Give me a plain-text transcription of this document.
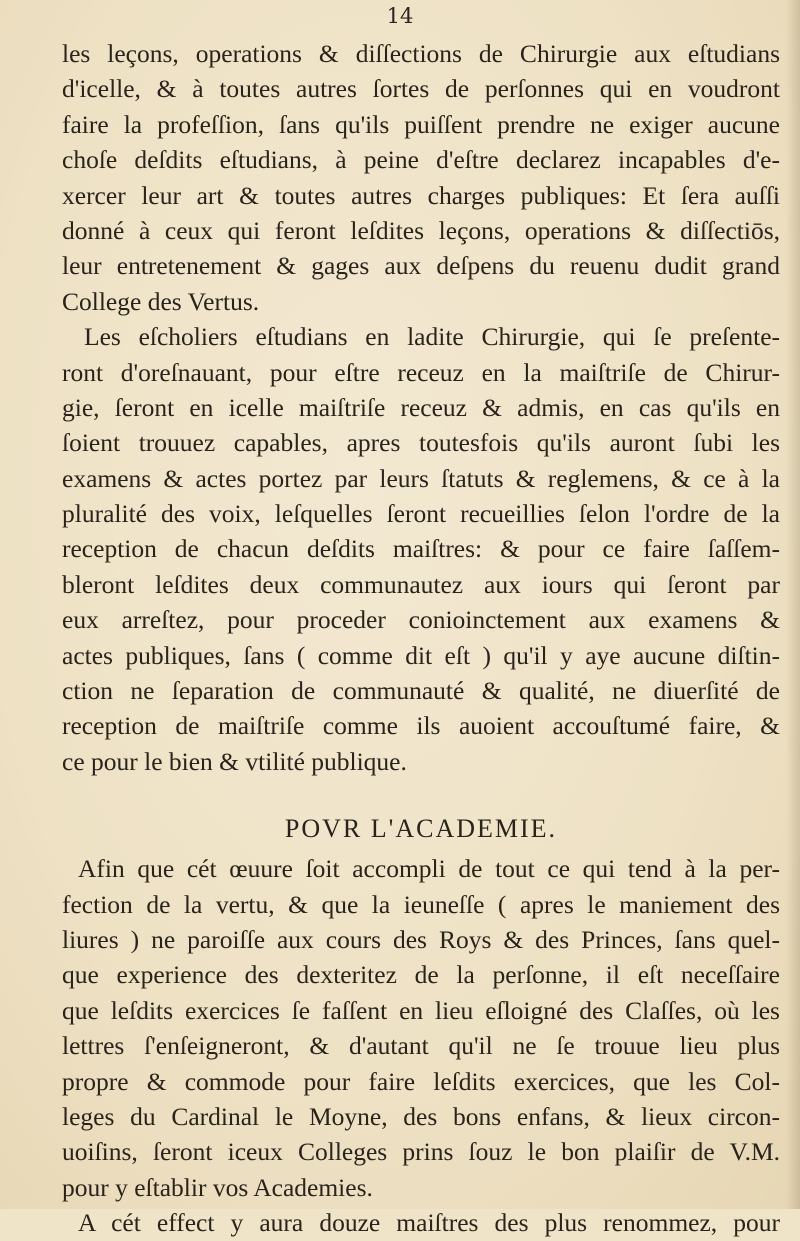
14
les leçons, operations & diſſections de Chirurgie aux eſtudians
d'icelle, & à toutes autres ſortes de perſonnes qui en voudront
faire la profeſſion, ſans qu'ils puiſſent prendre ne exiger aucune
choſe deſdits eſtudians, à peine d'eſtre declarez incapables d'e-
xercer leur art & toutes autres charges publiques: Et ſera auſſi
donné à ceux qui feront leſdites leçons, operations & diſſectiōs,
leur entretenement & gages aux deſpens du reuenu dudit grand
College des Vertus.
Les eſcholiers eſtudians en ladite Chirurgie, qui ſe preſente-
ront d'oreſnauant, pour eſtre receuz en la maiſtriſe de Chirur-
gie, ſeront en icelle maiſtriſe receuz & admis, en cas qu'ils en
ſoient trouuez capables, apres toutesfois qu'ils auront ſubi les
examens & actes portez par leurs ſtatuts & reglemens, & ce à la
pluralité des voix, leſquelles ſeront recueillies ſelon l'ordre de la
reception de chacun deſdits maiſtres: & pour ce faire ſaſſem-
bleront leſdites deux communautez aux iours qui ſeront par
eux arreſtez, pour proceder conioinctement aux examens &
actes publiques, ſans ( comme dit eſt ) qu'il y aye aucune diſtin-
ction ne ſeparation de communauté & qualité, ne diuerſité de
reception de maiſtriſe comme ils auoient accouſtumé faire, &
ce pour le bien & vtilité publique.
POVR L'ACADEMIE.
Afin que cét œuure ſoit accompli de tout ce qui tend à la per-
fection de la vertu, & que la ieuneſſe ( apres le maniement des
liures ) ne paroiſſe aux cours des Roys & des Princes, ſans quel-
que experience des dexteritez de la perſonne, il eſt neceſſaire
que leſdits exercices ſe faſſent en lieu eſloigné des Claſſes, où les
lettres ſ'enſeigneront, & d'autant qu'il ne ſe trouue lieu plus
propre & commode pour faire leſdits exercices, que les Col-
leges du Cardinal le Moyne, des bons enfans, & lieux circon-
uoiſins, ſeront iceux Colleges prins ſouz le bon plaiſir de V.M.
pour y eſtablir vos Academies.
A cét effect y aura douze maiſtres des plus renommez, pour
